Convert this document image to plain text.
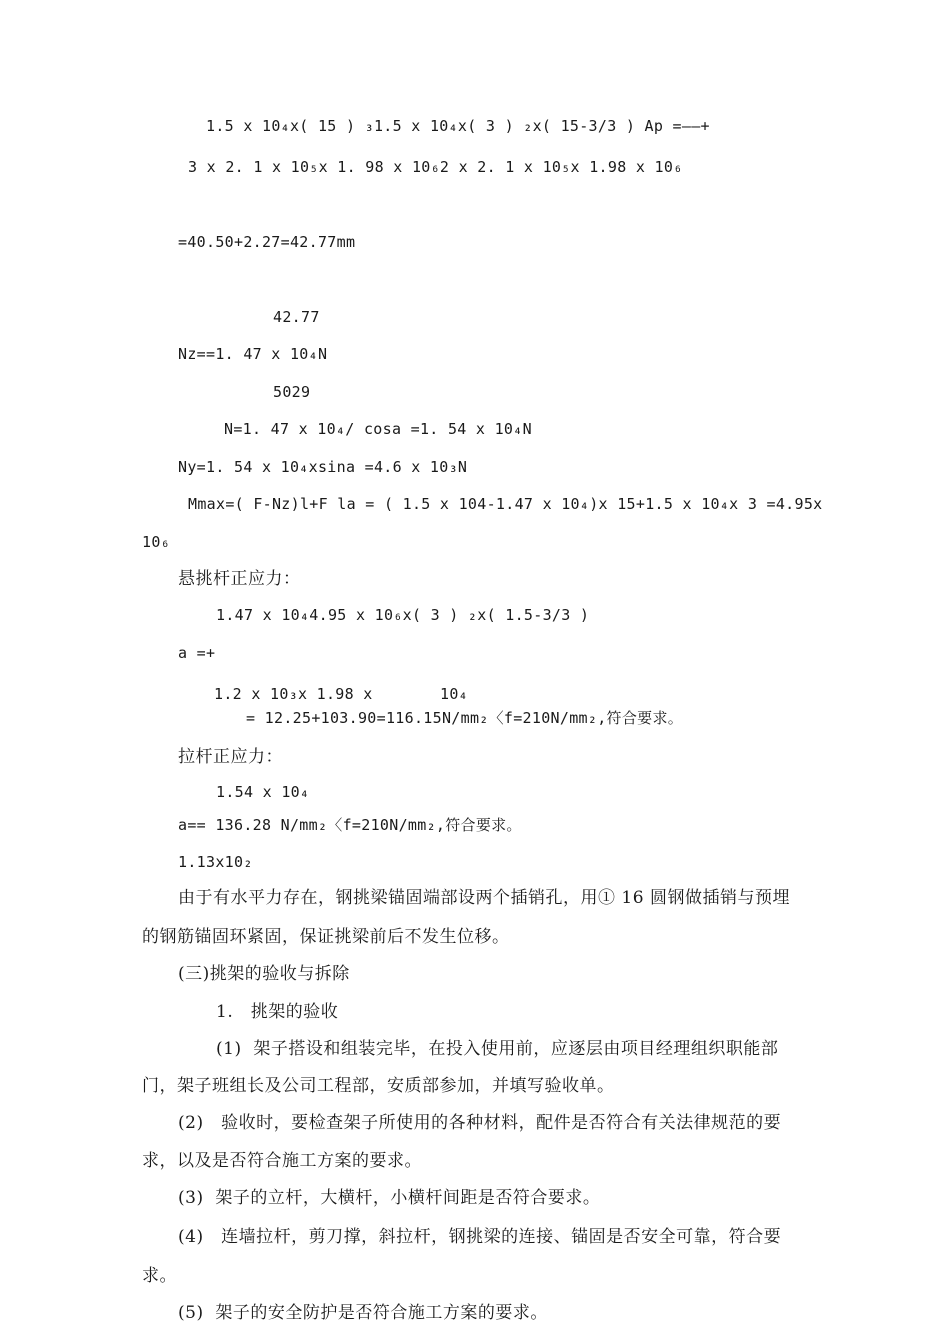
1.5 x 10₄x( 15 ) ₃1.5 x 10₄x( 3 ) ₂x( 15-3/3 ) Ap =——+
3 x 2. 1 x 10₅x 1. 98 x 10₆2 x 2. 1 x 10₅x 1.98 x 10₆
=40.50+2.27=42.77mm
42.77
Nz==1. 47 x 10₄N
5029
N=1. 47 x 10₄/ cosa =1. 54 x 10₄N
Ny=1. 54 x 10₄xsina =4.6 x 10₃N
Mmax=( F-Nz)l+F la = ( 1.5 x 104-1.47 x 10₄)x 15+1.5 x 10₄x 3 =4.95x
10₆
悬挑杆正应力：
1.47 x 10₄4.95 x 10₆x( 3 ) ₂x( 1.5-3/3 )
a =+
1.2 x 10₃x 1.98 x	10₄
= 12.25+103.90=116.15N/mm₂〈f=210N/mm₂,符合要求。
拉杆正应力：
1.54 x 10₄
a== 136.28 N/mm₂〈f=210N/mm₂,符合要求。
1.13x10₂
由于有水平力存在，钢挑梁锚固端部设两个插销孔，用① 16 圆钢做插销与预埋
的钢筋锚固环紧固，保证挑梁前后不发生位移。
(三)挑架的验收与拆除
1.　挑架的验收
(1)  架子搭设和组装完毕，在投入使用前，应逐层由项目经理组织职能部
门，架子班组长及公司工程部，安质部参加，并填写验收单。
(2)　验收时，要检查架子所使用的各种材料，配件是否符合有关法律规范的要
求，以及是否符合施工方案的要求。
(3)  架子的立杆，大横杆，小横杆间距是否符合要求。
(4)　连墙拉杆，剪刀撑，斜拉杆，钢挑梁的连接、锚固是否安全可靠，符合要
求。
(5)  架子的安全防护是否符合施工方案的要求。
